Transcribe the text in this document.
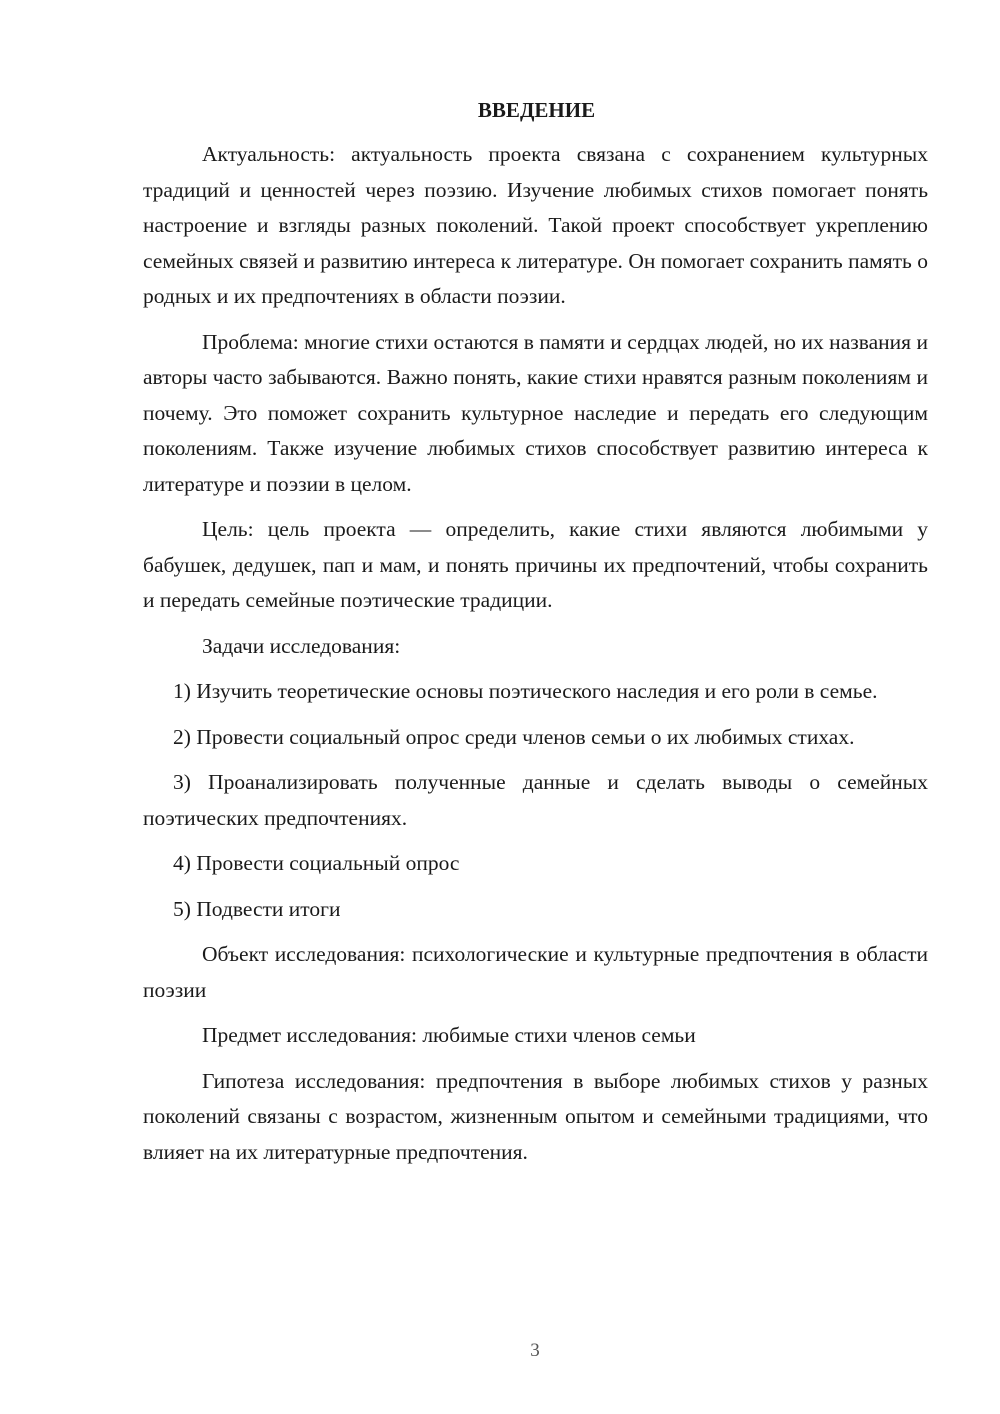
ВВЕДЕНИЕ

Актуальность: актуальность проекта связана с сохранением культурных традиций и ценностей через поэзию. Изучение любимых стихов помогает понять настроение и взгляды разных поколений. Такой проект способствует укреплению семейных связей и развитию интереса к литературе. Он помогает сохранить память о родных и их предпочтениях в области поэзии.

Проблема: многие стихи остаются в памяти и сердцах людей, но их названия и авторы часто забываются. Важно понять, какие стихи нравятся разным поколениям и почему. Это поможет сохранить культурное наследие и передать его следующим поколениям. Также изучение любимых стихов способствует развитию интереса к литературе и поэзии в целом.

Цель: цель проекта — определить, какие стихи являются любимыми у бабушек, дедушек, пап и мам, и понять причины их предпочтений, чтобы сохранить и передать семейные поэтические традиции.

Задачи исследования:

1) Изучить теоретические основы поэтического наследия и его роли в семье.

2) Провести социальный опрос среди членов семьи о их любимых стихах.

3) Проанализировать полученные данные и сделать выводы о семейных поэтических предпочтениях.

4) Провести социальный опрос

5) Подвести итоги

Объект исследования: психологические и культурные предпочтения в области поэзии

Предмет исследования: любимые стихи членов семьи

Гипотеза исследования: предпочтения в выборе любимых стихов у разных поколений связаны с возрастом, жизненным опытом и семейными традициями, что влияет на их литературные предпочтения.

3
